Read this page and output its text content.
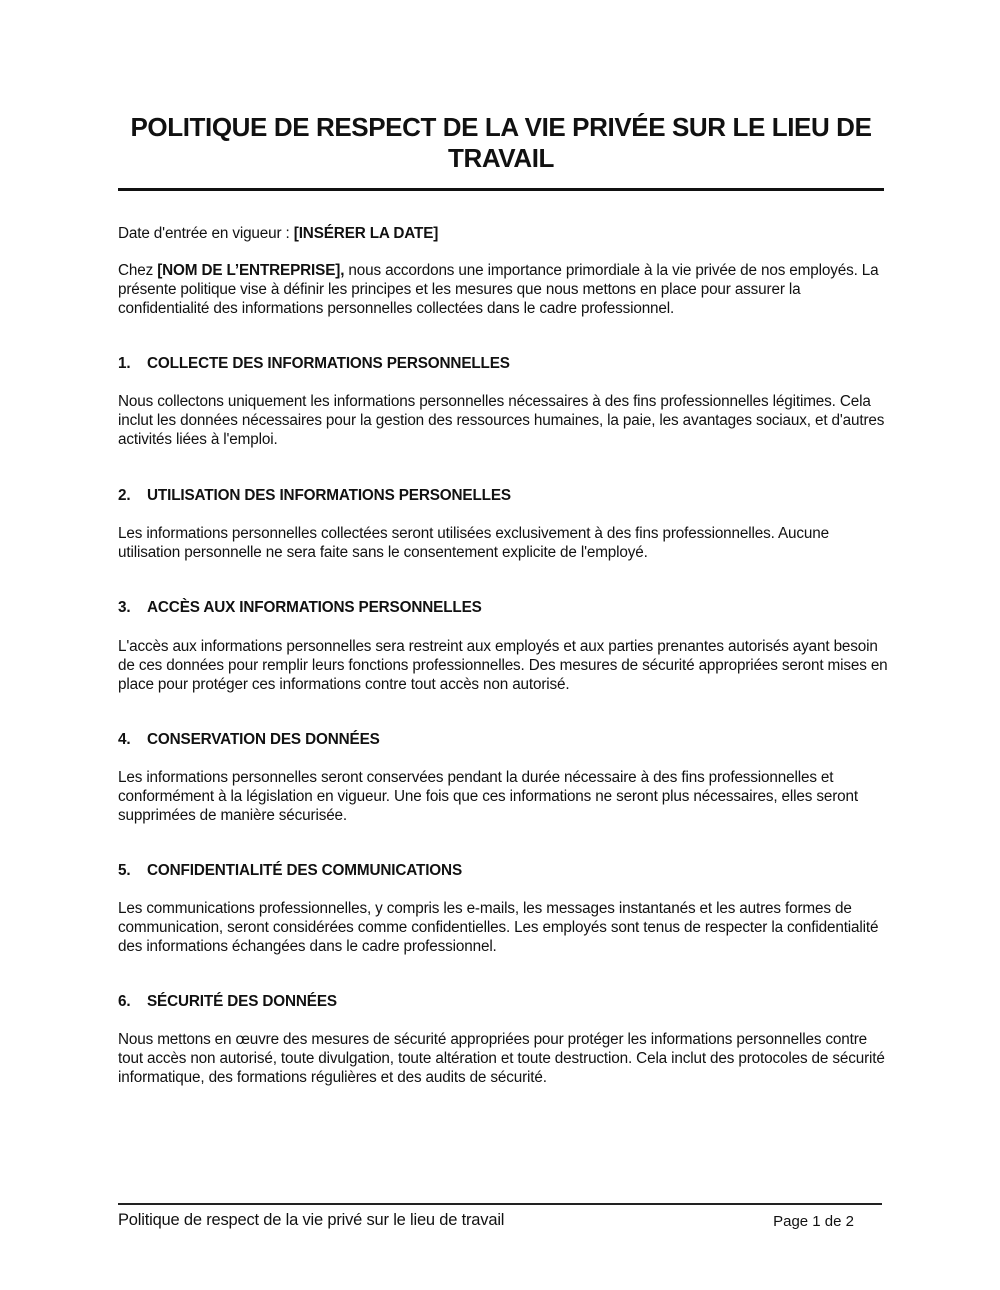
POLITIQUE DE RESPECT DE LA VIE PRIVÉE SUR LE LIEU DE TRAVAIL

Date d'entrée en vigueur : [INSÉRER LA DATE]

Chez [NOM DE L’ENTREPRISE], nous accordons une importance primordiale à la vie privée de nos employés. La présente politique vise à définir les principes et les mesures que nous mettons en place pour assurer la confidentialité des informations personnelles collectées dans le cadre professionnel.

1. COLLECTE DES INFORMATIONS PERSONNELLES

Nous collectons uniquement les informations personnelles nécessaires à des fins professionnelles légitimes. Cela inclut les données nécessaires pour la gestion des ressources humaines, la paie, les avantages sociaux, et d'autres activités liées à l'emploi.

2. UTILISATION DES INFORMATIONS PERSONELLES

Les informations personnelles collectées seront utilisées exclusivement à des fins professionnelles. Aucune utilisation personnelle ne sera faite sans le consentement explicite de l'employé.

3. ACCÈS AUX INFORMATIONS PERSONNELLES

L'accès aux informations personnelles sera restreint aux employés et aux parties prenantes autorisés ayant besoin de ces données pour remplir leurs fonctions professionnelles. Des mesures de sécurité appropriées seront mises en place pour protéger ces informations contre tout accès non autorisé.

4. CONSERVATION DES DONNÉES

Les informations personnelles seront conservées pendant la durée nécessaire à des fins professionnelles et conformément à la législation en vigueur. Une fois que ces informations ne seront plus nécessaires, elles seront supprimées de manière sécurisée.

5. CONFIDENTIALITÉ DES COMMUNICATIONS

Les communications professionnelles, y compris les e-mails, les messages instantanés et les autres formes de communication, seront considérées comme confidentielles. Les employés sont tenus de respecter la confidentialité des informations échangées dans le cadre professionnel.

6. SÉCURITÉ DES DONNÉES

Nous mettons en œuvre des mesures de sécurité appropriées pour protéger les informations personnelles contre tout accès non autorisé, toute divulgation, toute altération et toute destruction. Cela inclut des protocoles de sécurité informatique, des formations régulières et des audits de sécurité.

Politique de respect de la vie privé sur le lieu de travail	Page 1 de 2
